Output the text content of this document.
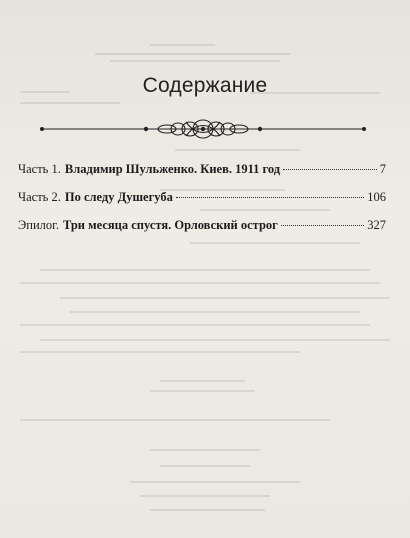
Содержание
Часть 1. Владимир Шульженко. Киев. 1911 год	7
Часть 2. По следу Душегуба	106
Эпилог. Три месяца спустя. Орловский острог	327
